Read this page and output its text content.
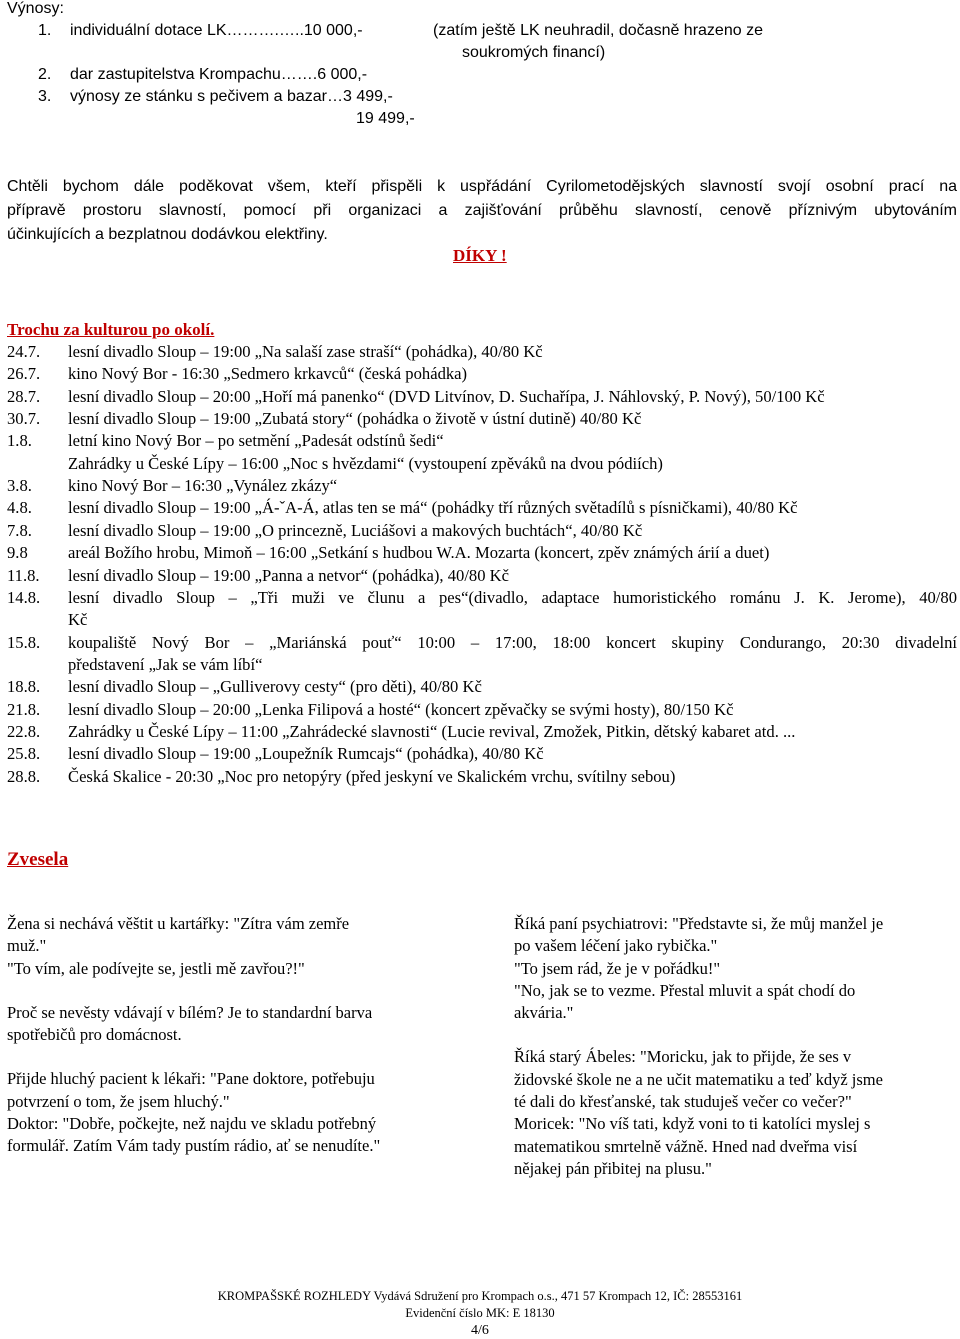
Výnosy:
1. individuální dotace LK……….…..10 000,-	(zatím ještě LK neuhradil, dočasně hrazeno ze
soukromých financí)
2. dar zastupitelstva Krompachu…….6 000,-
3. výnosy ze stánku s pečivem a bazar…3 499,-
19 499,-
Chtěli bychom dále poděkovat všem, kteří přispěli k uspřádání Cyrilometodějských slavností svojí osobní prací na
přípravě prostoru slavností, pomocí při organizaci a zajišťování průběhu slavností, cenově příznivým ubytováním
účinkujících a bezplatnou dodávkou elektřiny.
DÍKY !
Trochu za kulturou po okolí.
24.7. lesní divadlo Sloup – 19:00 „Na salaší zase straší“ (pohádka), 40/80 Kč
26.7. kino Nový Bor - 16:30 „Sedmero krkavců“ (česká pohádka)
28.7. lesní divadlo Sloup – 20:00 „Hoří má panenko“ (DVD Litvínov, D. Suchařípa, J. Náhlovský, P. Nový), 50/100 Kč
30.7. lesní divadlo Sloup – 19:00 „Zubatá story“ (pohádka o životě v ústní dutině) 40/80 Kč
1.8. letní kino Nový Bor – po setmění „Padesát odstínů šedi“
Zahrádky u České Lípy – 16:00 „Noc s hvězdami“ (vystoupení zpěváků na dvou pódiích)
3.8. kino Nový Bor – 16:30 „Vynález zkázy“
4.8. lesní divadlo Sloup – 19:00 „Á-ˇA-Á, atlas ten se má“ (pohádky tří různých světadílů s písničkami), 40/80 Kč
7.8. lesní divadlo Sloup – 19:00 „O princezně, Luciášovi a makových buchtách“, 40/80 Kč
9.8 areál Božího hrobu, Mimoň – 16:00 „Setkání s hudbou W.A. Mozarta (koncert, zpěv známých árií a duet)
11.8. lesní divadlo Sloup – 19:00 „Panna a netvor“ (pohádka), 40/80 Kč
14.8. lesní divadlo Sloup – „Tři muži ve člunu a pes“(divadlo, adaptace humoristického románu J. K. Jerome), 40/80
Kč
15.8. koupaliště Nový Bor – „Mariánská pouť“ 10:00 – 17:00, 18:00 koncert skupiny Condurango, 20:30 divadelní
představení „Jak se vám líbí“
18.8. lesní divadlo Sloup – „Gulliverovy cesty“ (pro děti), 40/80 Kč
21.8. lesní divadlo Sloup – 20:00 „Lenka Filipová a hosté“ (koncert zpěvačky se svými hosty), 80/150 Kč
22.8. Zahrádky u České Lípy – 11:00 „Zahrádecké slavnosti“ (Lucie revival, Zmožek, Pitkin, dětský kabaret atd. ...
25.8. lesní divadlo Sloup – 19:00 „Loupežník Rumcajs“ (pohádka), 40/80 Kč
28.8. Česká Skalice - 20:30 „Noc pro netopýry (před jeskyní ve Skalickém vrchu, svítilny sebou)
Zvesela
Žena si nechává věštit u kartářky: "Zítra vám zemře
muž."
"To vím, ale podívejte se, jestli mě zavřou?!"
Proč se nevěsty vdávají v bílém? Je to standardní barva
spotřebičů pro domácnost.
Přijde hluchý pacient k lékaři: "Pane doktore, potřebuju
potvrzení o tom, že jsem hluchý."
Doktor: "Dobře, počkejte, než najdu ve skladu potřebný
formulář. Zatím Vám tady pustím rádio, ať se nenudíte."
Říká paní psychiatrovi: "Představte si, že můj manžel je
po vašem léčení jako rybička."
"To jsem rád, že je v pořádku!"
"No, jak se to vezme. Přestal mluvit a spát chodí do
akvária."
Říká starý Ábeles: "Moricku, jak to přijde, že ses v
židovské škole ne a ne učit matematiku a teď když jsme
té dali do křesťanské, tak studuješ večer co večer?"
Moricek: "No víš tati, když voni to ti katolíci myslej s
matematikou smrtelně vážně. Hned nad dveřma visí
nějakej pán přibitej na plusu."
KROMPAŠSKÉ ROZHLEDY Vydává Sdružení pro Krompach o.s., 471 57 Krompach 12, IČ: 28553161
Evidenční číslo MK: E 18130
4/6
